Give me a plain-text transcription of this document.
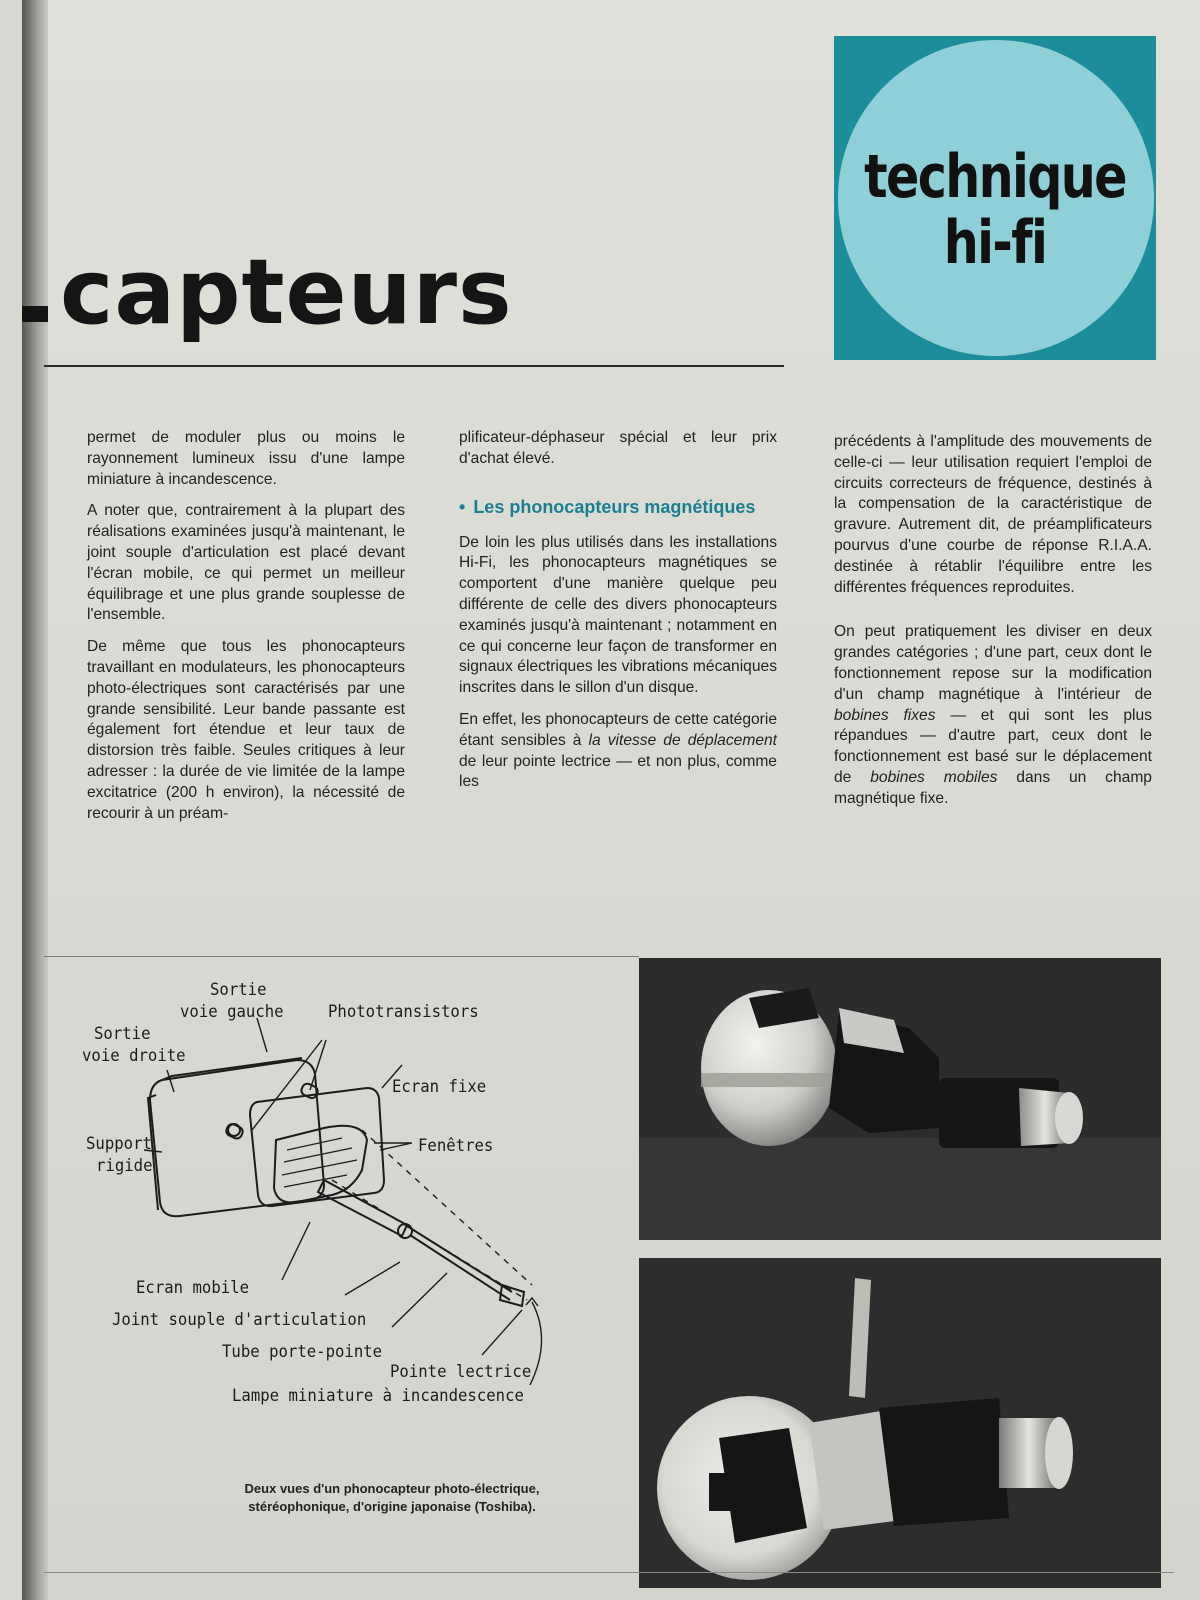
capteurs
technique
hi-fi

permet de moduler plus ou moins le rayonnement lumineux issu d'une lampe miniature à incandescence.

A noter que, contrairement à la plupart des réalisations examinées jusqu'à maintenant, le joint souple d'articulation est placé devant l'écran mobile, ce qui permet un meilleur équilibrage et une plus grande souplesse de l'ensemble.

De même que tous les phonocapteurs travaillant en modulateurs, les phonocapteurs photo-électriques sont caractérisés par une grande sensibilité. Leur bande passante est également fort étendue et leur taux de distorsion très faible. Seules critiques à leur adresser : la durée de vie limitée de la lampe excitatrice (200 h environ), la nécessité de recourir à un préam-

plificateur-déphaseur spécial et leur prix d'achat élevé.

• Les phonocapteurs magnétiques

De loin les plus utilisés dans les installations Hi-Fi, les phonocapteurs magnétiques se comportent d'une manière quelque peu différente de celle des divers phonocapteurs examinés jusqu'à maintenant ; notamment en ce qui concerne leur façon de transformer en signaux électriques les vibrations mécaniques inscrites dans le sillon d'un disque.

En effet, les phonocapteurs de cette catégorie étant sensibles à la vitesse de déplacement de leur pointe lectrice — et non plus, comme les

précédents à l'amplitude des mouvements de celle-ci — leur utilisation requiert l'emploi de circuits correcteurs de fréquence, destinés à la compensation de la caractéristique de gravure. Autrement dit, de préamplificateurs pourvus d'une courbe de réponse R.I.A.A. destinée à rétablir l'équilibre entre les différentes fréquences reproduites.

On peut pratiquement les diviser en deux grandes catégories ; d'une part, ceux dont le fonctionnement repose sur la modification d'un champ magnétique à l'intérieur de bobines fixes — et qui sont les plus répandues — d'autre part, ceux dont le fonctionnement est basé sur le déplacement de bobines mobiles dans un champ magnétique fixe.

Sortie
voie gauche
Sortie
voie droite
Phototransistors
Ecran fixe
Fenêtres
Support
rigide
Ecran mobile
Joint souple d'articulation
Tube porte-pointe
Pointe lectrice
Lampe miniature à incandescence
Deux vues d'un phonocapteur photo-électrique,
stéréophonique, d'origine japonaise (Toshiba).
